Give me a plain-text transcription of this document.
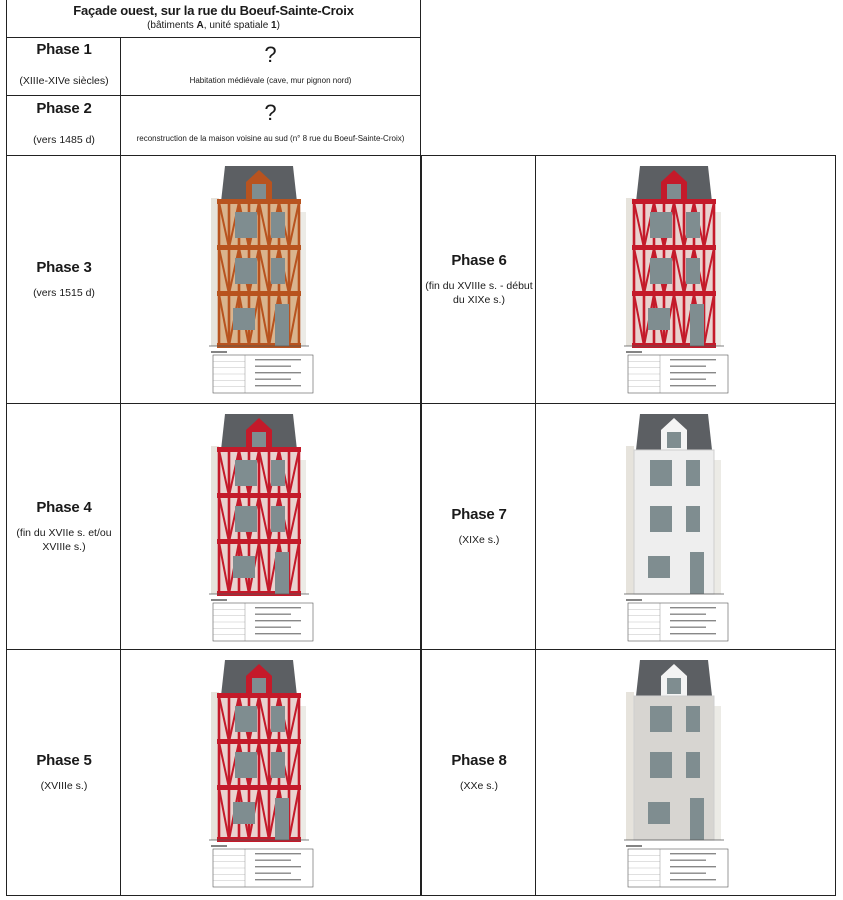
Façade ouest, sur la rue du Boeuf-Sainte-Croix
(bâtiments A, unité spatiale 1)
Phase 1
(XIIIe-XIVe siècles)
?
Habitation médiévale (cave, mur pignon nord)
Phase 2
(vers 1485 d)
?
reconstruction de la maison voisine au sud (n° 8 rue du Boeuf-Sainte-Croix)
Phase 3
(vers 1515 d)
Phase 6
(fin du XVIIIe s. - début du XIXe s.)
Phase 4
(fin du XVIIe s. et/ou XVIIIe s.)
Phase 7
(XIXe s.)
Phase 5
(XVIIIe s.)
Phase 8
(XXe s.)
